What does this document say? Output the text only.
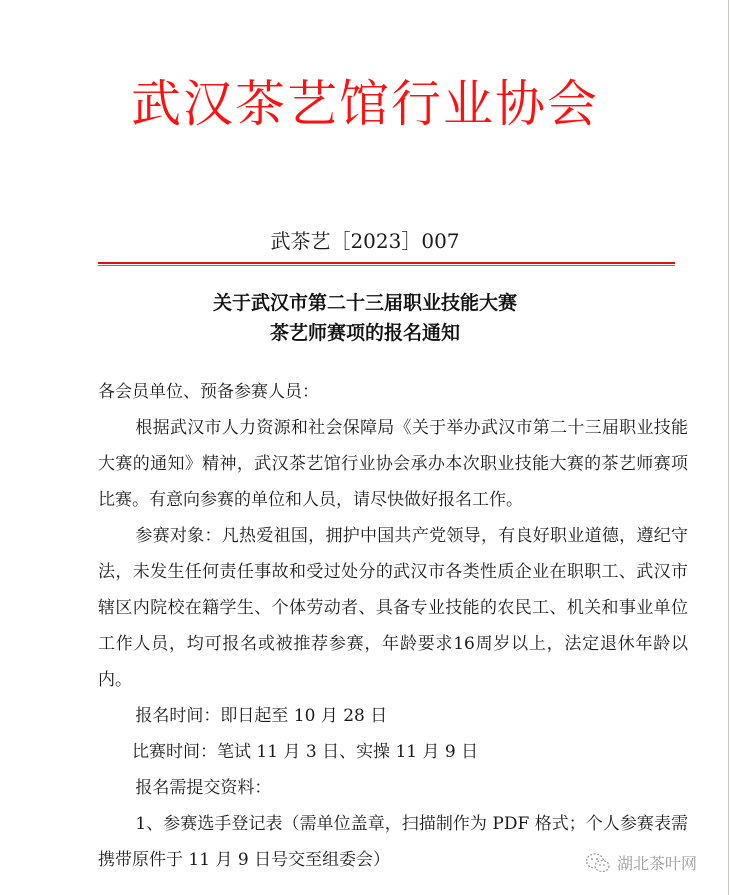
武汉茶艺馆行业协会
武茶艺［2023］007
关于武汉市第二十三届职业技能大赛
茶艺师赛项的报名通知

各会员单位、预备参赛人员：

根据武汉市人力资源和社会保障局《关于举办武汉市第二十三届职业技能大赛的通知》精神，武汉茶艺馆行业协会承办本次职业技能大赛的茶艺师赛项比赛。有意向参赛的单位和人员，请尽快做好报名工作。

参赛对象：凡热爱祖国，拥护中国共产党领导，有良好职业道德，遵纪守法，未发生任何责任事故和受过处分的武汉市各类性质企业在职职工、武汉市辖区内院校在籍学生、个体劳动者、具备专业技能的农民工、机关和事业单位工作人员，均可报名或被推荐参赛，年龄要求16周岁以上，法定退休年龄以内。

报名时间：即日起至 10 月 28 日

比赛时间：笔试 11 月 3 日、实操 11 月 9 日

报名需提交资料：

1、参赛选手登记表（需单位盖章，扫描制作为 PDF 格式；个人参赛表需携带原件于 11 月 9 日号交至组委会）	湖北茶叶网
